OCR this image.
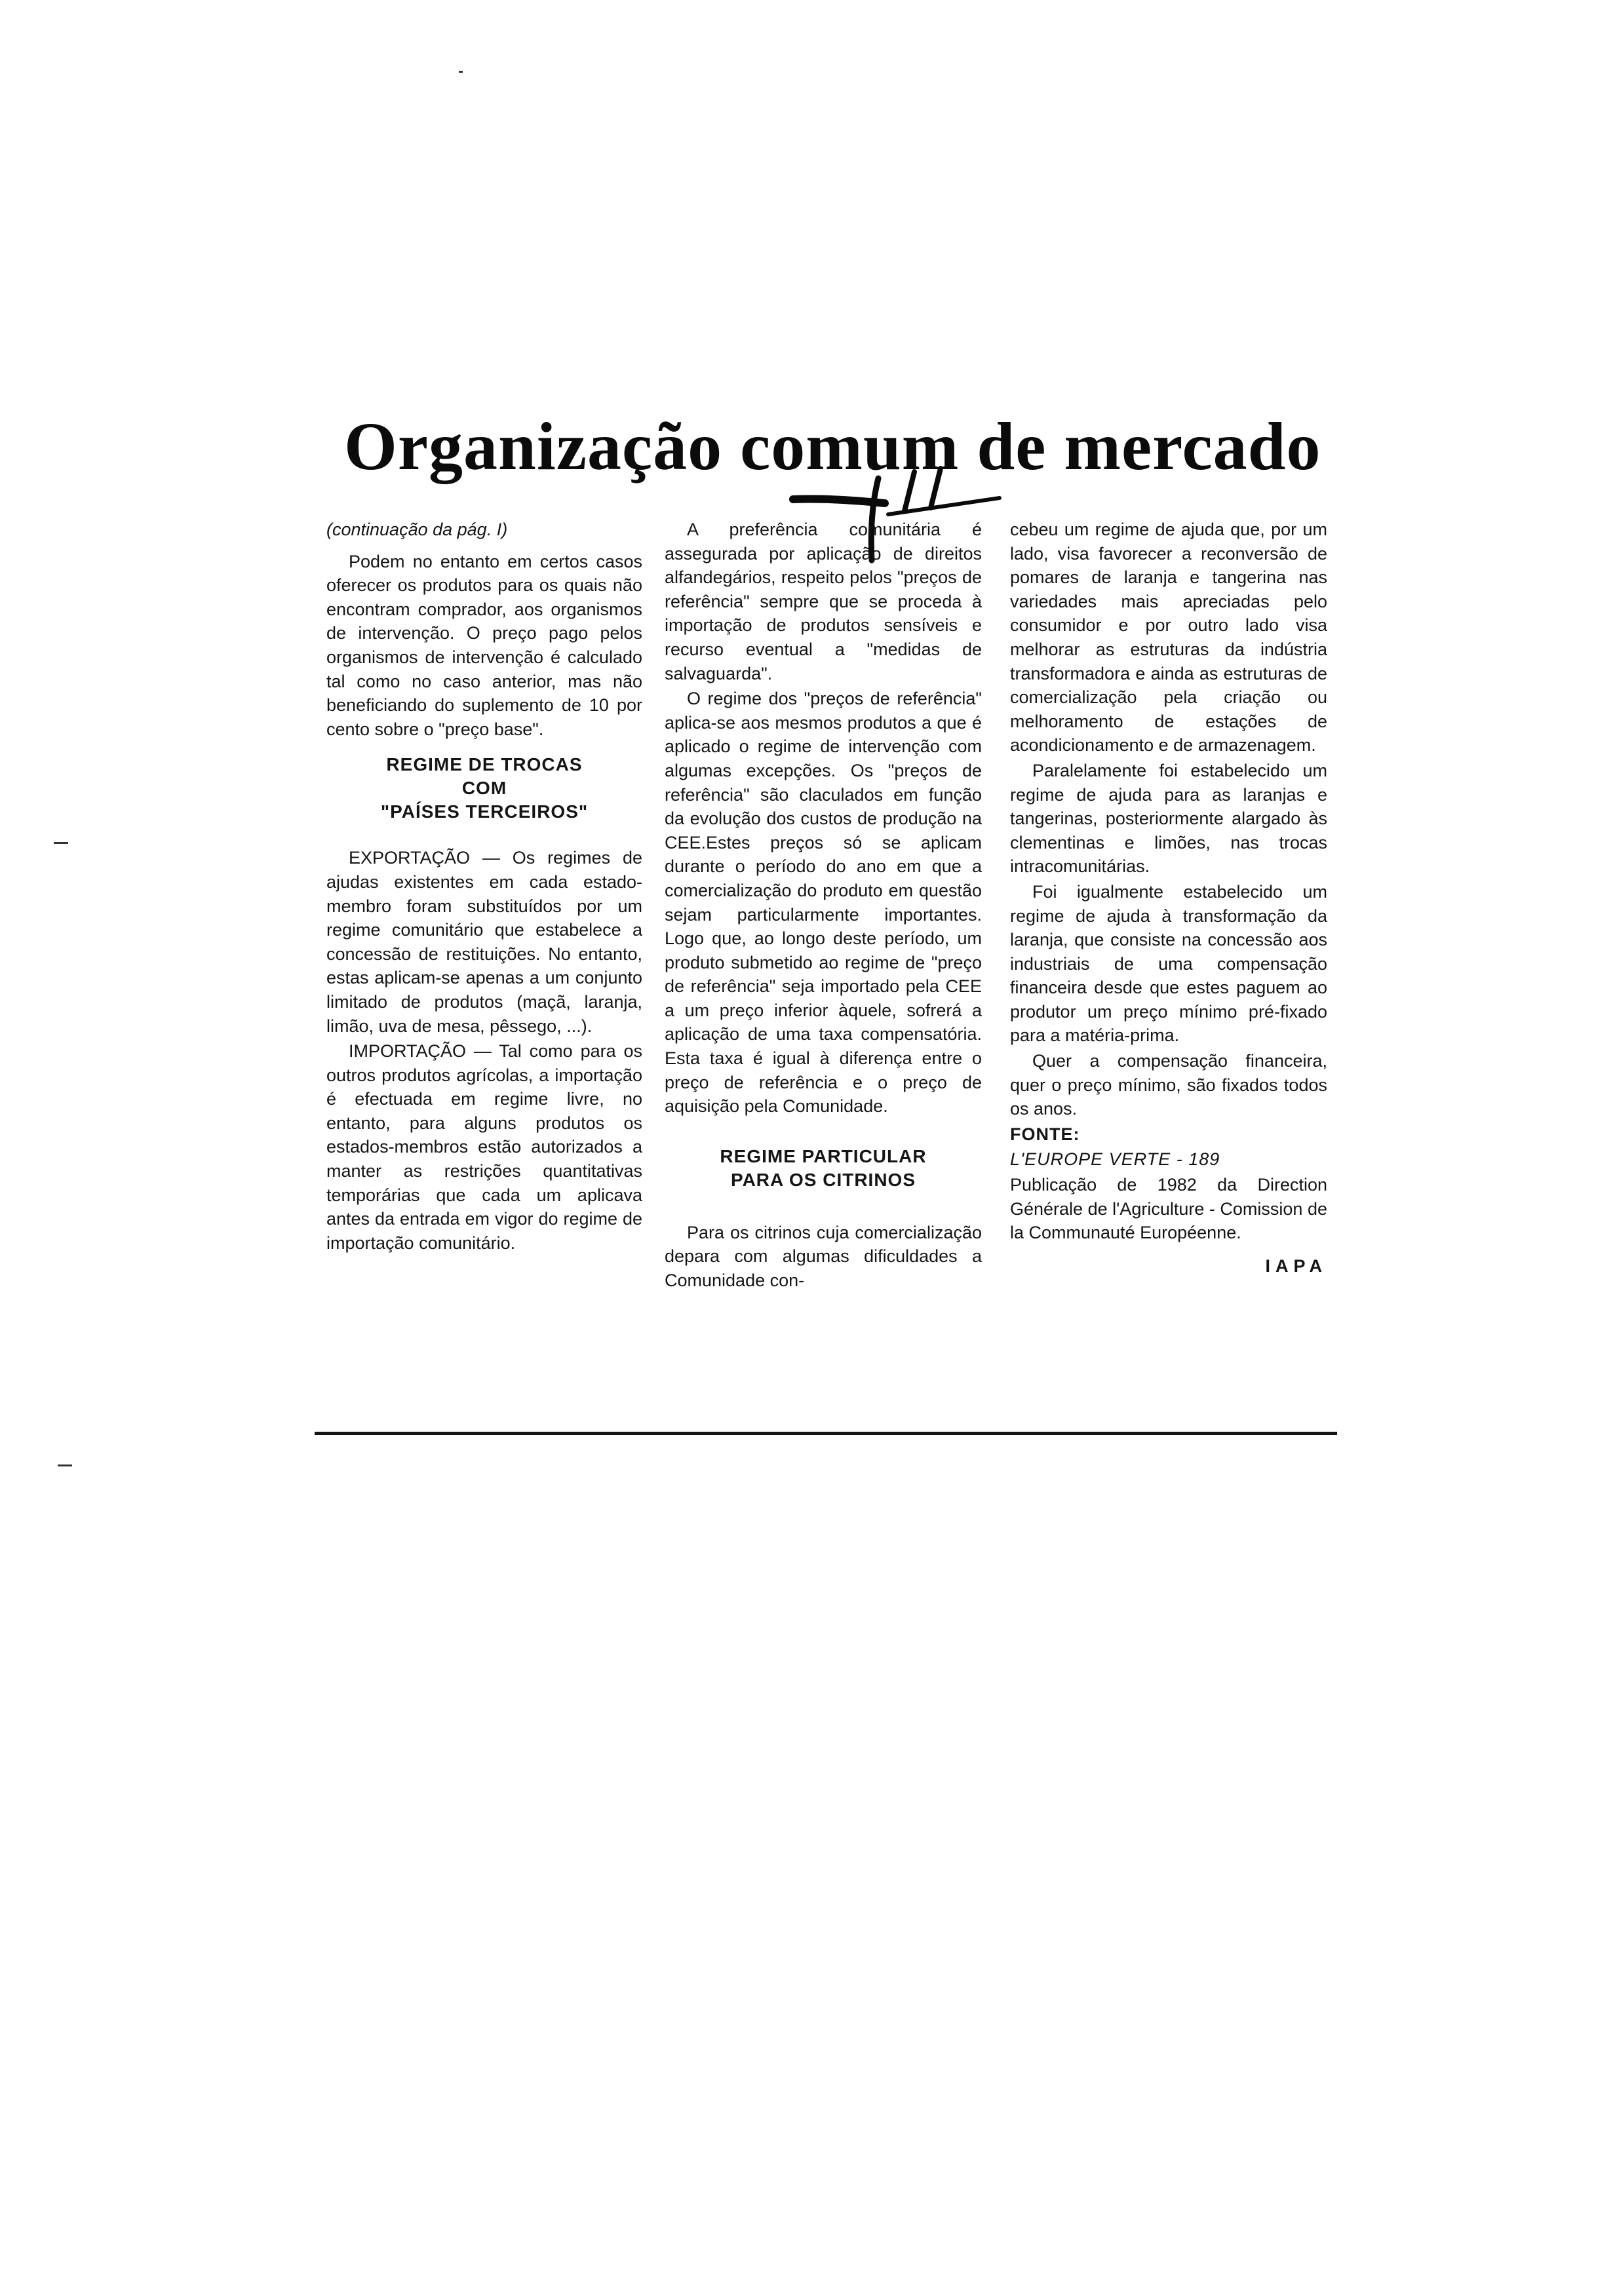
Organização comum de mercado

(continuação da pág. I)

Podem no entanto em certos casos oferecer os produtos para os quais não encontram comprador, aos organismos de intervenção. O preço pago pelos organismos de intervenção é calculado tal como no caso anterior, mas não beneficiando do suplemento de 10 por cento sobre o "preço base".

REGIME DE TROCAS
COM
"PAÍSES TERCEIROS"

EXPORTAÇÃO — Os regimes de ajudas existentes em cada estado-membro foram substituídos por um regime comunitário que estabelece a concessão de restituições. No entanto, estas aplicam-se apenas a um conjunto limitado de produtos (maçã, laranja, limão, uva de mesa, pêssego, ...).

IMPORTAÇÃO — Tal como para os outros produtos agrícolas, a importação é efectuada em regime livre, no entanto, para alguns produtos os estados-membros estão autorizados a manter as restrições quantitativas temporárias que cada um aplicava antes da entrada em vigor do regime de importação comunitário.

A preferência comunitária é assegurada por aplicação de direitos alfandegários, respeito pelos "preços de referência" sempre que se proceda à importação de produtos sensíveis e recurso eventual a "medidas de salvaguarda".

O regime dos "preços de referência" aplica-se aos mesmos produtos a que é aplicado o regime de intervenção com algumas excepções. Os "preços de referência" são claculados em função da evolução dos custos de produção na CEE.Estes preços só se aplicam durante o período do ano em que a comercialização do produto em questão sejam particularmente importantes. Logo que, ao longo deste período, um produto submetido ao regime de "preço de referência" seja importado pela CEE a um preço inferior àquele, sofrerá a aplicação de uma taxa compensatória. Esta taxa é igual à diferença entre o preço de referência e o preço de aquisição pela Comunidade.

REGIME PARTICULAR
PARA OS CITRINOS

Para os citrinos cuja comercialização depara com algumas dificuldades a Comunidade con-

cebeu um regime de ajuda que, por um lado, visa favorecer a reconversão de pomares de laranja e tangerina nas variedades mais apreciadas pelo consumidor e por outro lado visa melhorar as estruturas da indústria transformadora e ainda as estruturas de comercialização pela criação ou melhoramento de estações de acondicionamento e de armazenagem.

Paralelamente foi estabelecido um regime de ajuda para as laranjas e tangerinas, posteriormente alargado às clementinas e limões, nas trocas intracomunitárias.

Foi igualmente estabelecido um regime de ajuda à transformação da laranja, que consiste na concessão aos industriais de uma compensação financeira desde que estes paguem ao produtor um preço mínimo pré-fixado para a matéria-prima.

Quer a compensação financeira, quer o preço mínimo, são fixados todos os anos.

FONTE:

L'EUROPE VERTE - 189

Publicação de 1982 da Direction Générale de l'Agriculture - Comission de la Communauté Européenne.

IAPA
